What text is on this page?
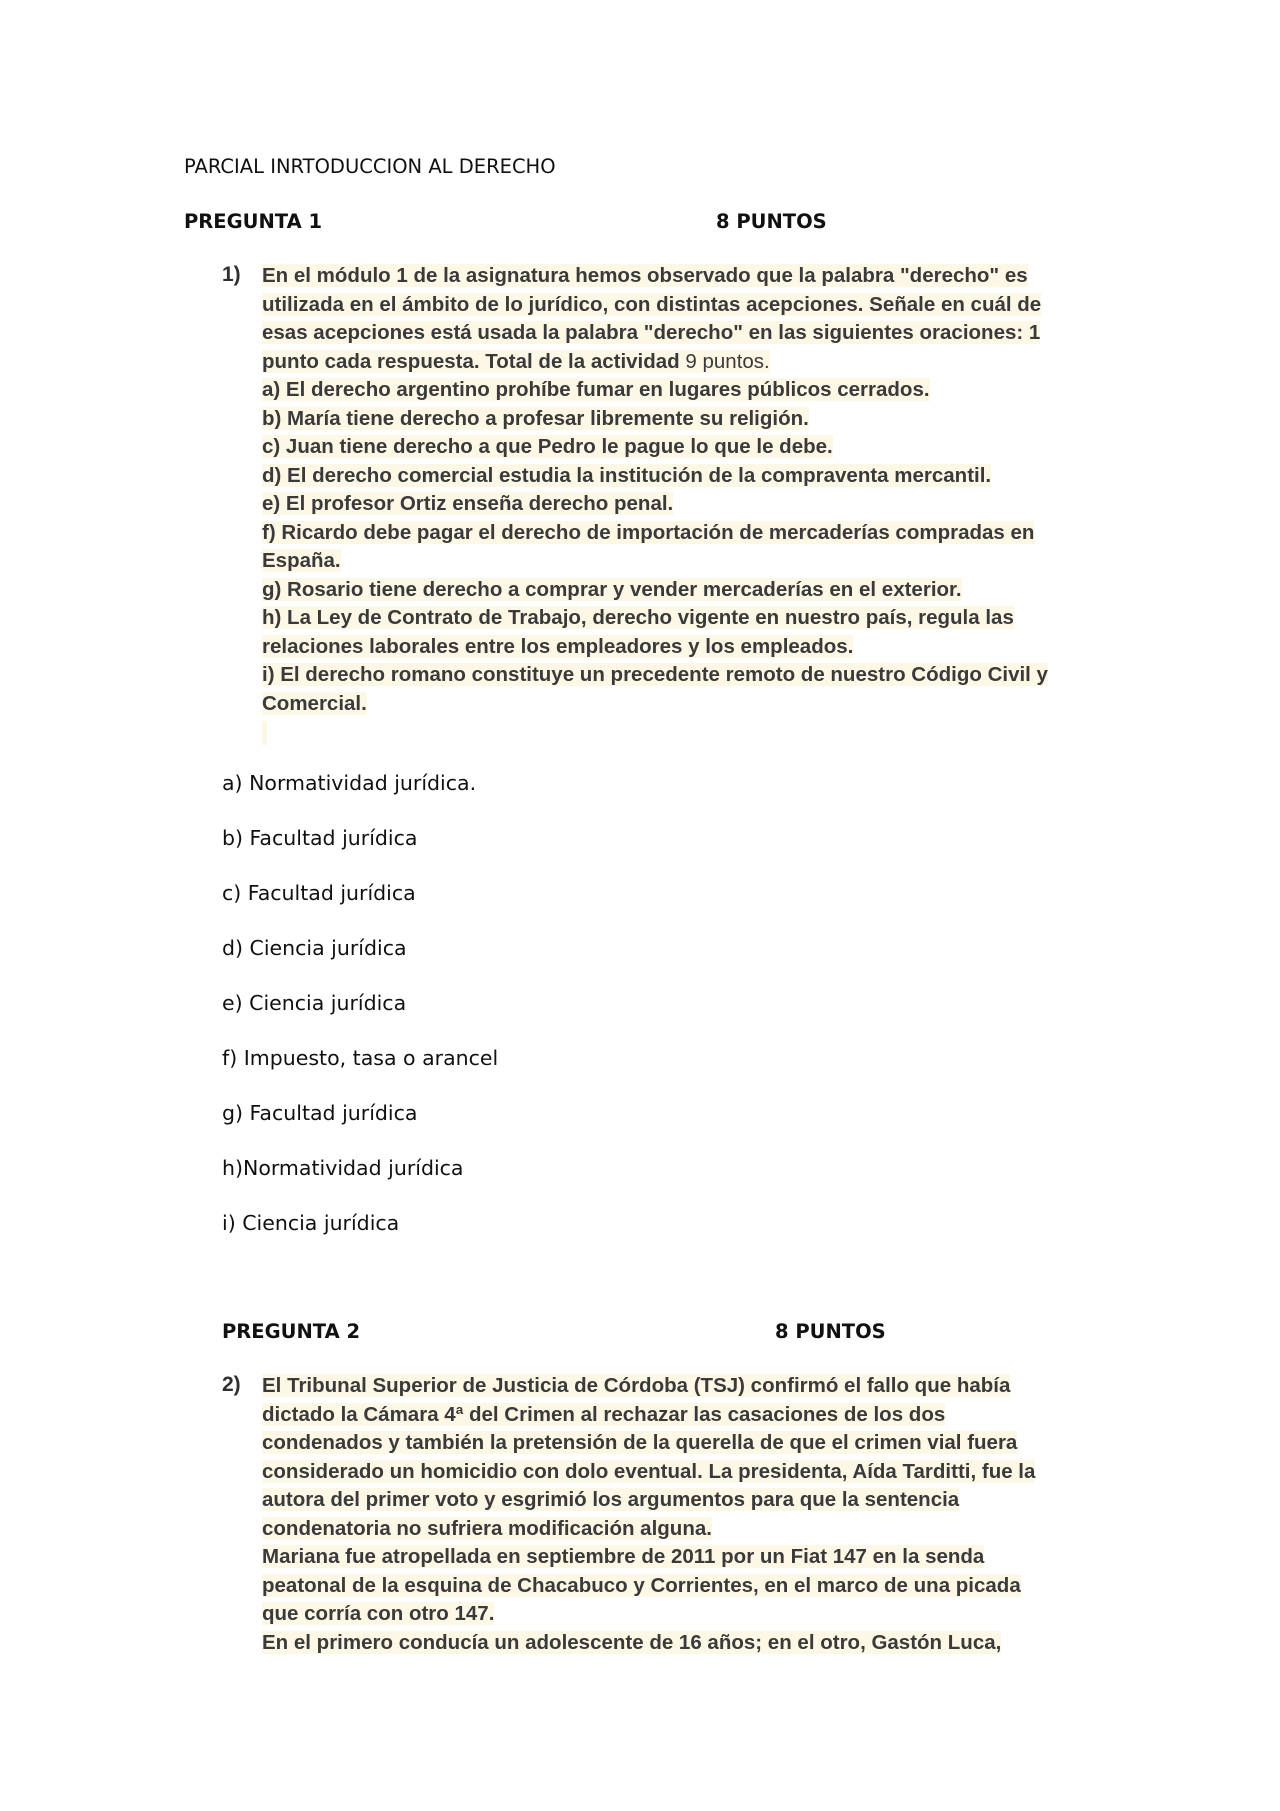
PARCIAL INRTODUCCION AL DERECHO
PREGUNTA 1	8 PUNTOS
1) En el módulo 1 de la asignatura hemos observado que la palabra "derecho" es
utilizada en el ámbito de lo jurídico, con distintas acepciones. Señale en cuál de
esas acepciones está usada la palabra "derecho" en las siguientes oraciones: 1
punto cada respuesta. Total de la actividad 9 puntos.
a) El derecho argentino prohíbe fumar en lugares públicos cerrados.
b) María tiene derecho a profesar libremente su religión.
c) Juan tiene derecho a que Pedro le pague lo que le debe.
d) El derecho comercial estudia la institución de la compraventa mercantil.
e) El profesor Ortiz enseña derecho penal.
f) Ricardo debe pagar el derecho de importación de mercaderías compradas en
España.
g) Rosario tiene derecho a comprar y vender mercaderías en el exterior.
h) La Ley de Contrato de Trabajo, derecho vigente en nuestro país, regula las
relaciones laborales entre los empleadores y los empleados.
i) El derecho romano constituye un precedente remoto de nuestro Código Civil y
Comercial.
a) Normatividad jurídica.
b) Facultad jurídica
c) Facultad jurídica
d) Ciencia jurídica
e) Ciencia jurídica
f) Impuesto, tasa o arancel
g) Facultad jurídica
h)Normatividad jurídica
i) Ciencia jurídica
PREGUNTA 2	8 PUNTOS
2) El Tribunal Superior de Justicia de Córdoba (TSJ) confirmó el fallo que había
dictado la Cámara 4ª del Crimen al rechazar las casaciones de los dos
condenados y también la pretensión de la querella de que el crimen vial fuera
considerado un homicidio con dolo eventual. La presidenta, Aída Tarditti, fue la
autora del primer voto y esgrimió los argumentos para que la sentencia
condenatoria no sufriera modificación alguna.
Mariana fue atropellada en septiembre de 2011 por un Fiat 147 en la senda
peatonal de la esquina de Chacabuco y Corrientes, en el marco de una picada
que corría con otro 147.
En el primero conducía un adolescente de 16 años; en el otro, Gastón Luca,
